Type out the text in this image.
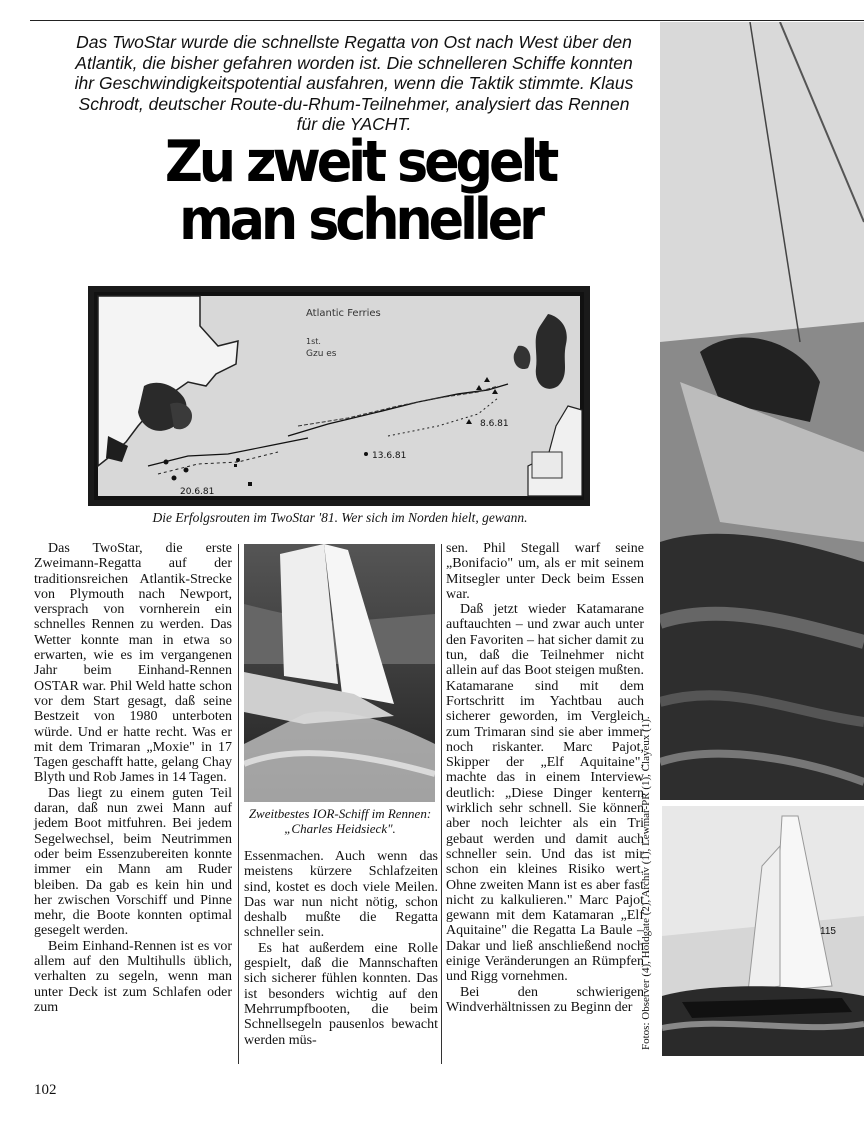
Das TwoStar wurde die schnellste Regatta von Ost nach West über den Atlantik, die bisher gefahren worden ist. Die schnelleren Schiffe konnten ihr Geschwindigkeitspotential ausfahren, wenn die Taktik stimmte. Klaus Schrodt, deutscher Route-du-Rhum-Teilnehmer, analysiert das Rennen für die YACHT.
Zu zweit segelt
man schneller
Atlantic Ferries
1st.
Gzu es
8.6.81
13.6.81
20.6.81
Die Erfolgsrouten im TwoStar '81. Wer sich im Norden hielt, gewann.

Das TwoStar, die erste Zweimann-Regatta auf der traditionsreichen Atlantik-Strecke von Plymouth nach Newport, versprach von vornherein ein schnelles Rennen zu werden. Das Wetter konnte man in etwa so erwarten, wie es im vergangenen Jahr beim Einhand-Rennen OSTAR war. Phil Weld hatte schon vor dem Start gesagt, daß seine Bestzeit von 1980 unterboten würde. Und er hatte recht. Was er mit dem Trimaran „Moxie" in 17 Tagen geschafft hatte, gelang Chay Blyth und Rob James in 14 Tagen.

Das liegt zu einem guten Teil daran, daß nun zwei Mann auf jedem Boot mitfuhren. Bei jedem Segelwechsel, beim Neutrimmen oder beim Essenzubereiten konnte immer ein Mann am Ruder bleiben. Da gab es kein hin und her zwischen Vorschiff und Pinne mehr, die Boote konnten optimal gesegelt werden.

Beim Einhand-Rennen ist es vor allem auf den Multihulls üblich, verhalten zu segeln, wenn man unter Deck ist zum Schlafen oder zum

Zweitbestes IOR-Schiff im Rennen: „Charles Heidsieck".

Essenmachen. Auch wenn das meistens kürzere Schlafzeiten sind, kostet es doch viele Meilen. Das war nun nicht nötig, schon deshalb mußte die Regatta schneller sein.

Es hat außerdem eine Rolle gespielt, daß die Mannschaften sich sicherer fühlen konnten. Das ist besonders wichtig auf den Mehrrumpfbooten, die beim Schnellsegeln pausenlos bewacht werden müs-

sen. Phil Stegall warf seine „Bonifacio" um, als er mit seinem Mitsegler unter Deck beim Essen war.

Daß jetzt wieder Katamarane auftauchten – und zwar auch unter den Favoriten – hat sicher damit zu tun, daß die Teilnehmer nicht allein auf das Boot steigen mußten. Katamarane sind mit dem Fortschritt im Yachtbau auch sicherer geworden, im Vergleich zum Trimaran sind sie aber immer noch riskanter. Marc Pajot, Skipper der „Elf Aquitaine", machte das in einem Interview deutlich: „Diese Dinger kentern wirklich sehr schnell. Sie können aber noch leichter als ein Tri gebaut werden und damit auch schneller sein. Und das ist mir schon ein kleines Risiko wert. Ohne zweiten Mann ist es aber fast nicht zu kalkulieren." Marc Pajot gewann mit dem Katamaran „Elf Aquitaine" die Regatta La Baule – Dakar und ließ anschließend noch einige Veränderungen an Rümpfen und Rigg vornehmen.

Bei den schwierigen Windverhältnissen zu Beginn der Fotos: Observer (4), Holdgate (2), Archiv (1), Lewmar-PR (1), Clayeux (1).	115
102
